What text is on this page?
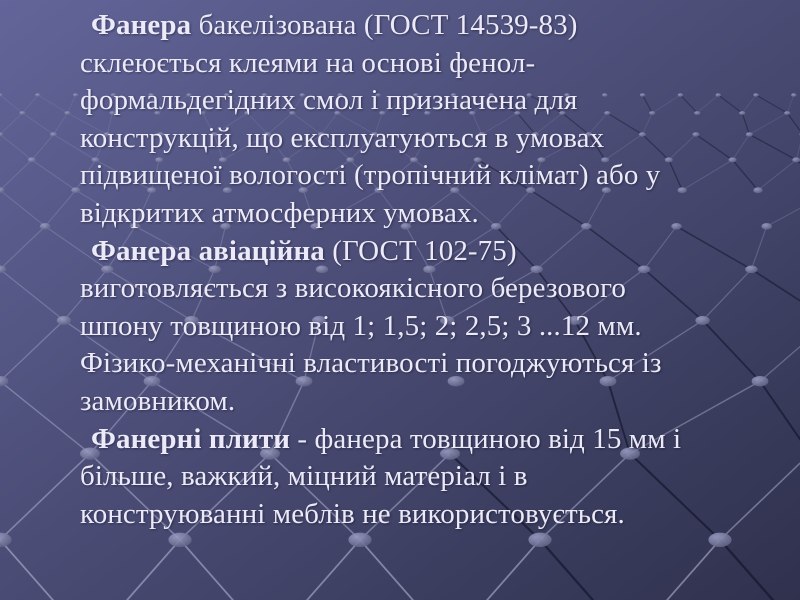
Фанера бакелізована (ГОСТ 14539-83)
склеюється клеями на основі фенол-
формальдегідних смол і призначена для
конструкцій, що експлуатуються в умовах
підвищеної вологості (тропічний клімат) або у
відкритих атмосферних умовах.

Фанера авіаційна (ГОСТ 102-75)
виготовляється з високоякісного березового
шпону товщиною від 1; 1,5; 2; 2,5; 3 ...12 мм.
Фізико-механічні властивості погоджуються із
замовником.

Фанерні плити - фанера товщиною від 15 мм і
більше, важкий, міцний матеріал і в
конструюванні меблів не використовується.
